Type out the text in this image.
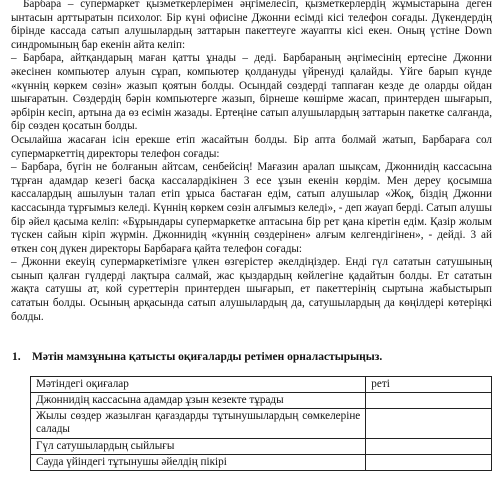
Барбара – супермаркет қызметкерлерімен әңгімелесіп, қызметкерлердің жұмыстарына деген ынтасын арттыратын психолог. Бір күні офисіне Джонни есімді кісі телефон соғады. Дүкендердің бірінде кассада сатып алушылардың заттарын пакеттеуге жауапты кісі екен. Оның үстіне Down синдромының бар екенін айта келіп:

– Барбара, айтқандарың маған қатты ұнады – деді. Барбараның әңгімесінің ертесіне Джонни әкесінен компьютер алуын сұрап, компьютер қолдануды үйренуді қалайды. Үйге барып күнде «күннің көркем сөзін» жазып қоятын болды. Осындай сөздерді таппаған кезде де оларды ойдан шығаратын. Сөздердің бәрін компьютерге жазып, бірнеше көшірме жасап, принтерден шығарып, әрбірін кесіп, артына да өз есімін жазады. Ертеңіне сатып алушылардың заттарын пакетке салғанда, бір сөзден қосатын болды.

Осылайша жасаған ісін ерекше етіп жасайтын болды. Бір апта болмай жатып, Барбараға сол супермаркеттің директоры телефон соғады:

– Барбара, бүгін не болғанын айтсам, сенбейсің! Мағазин аралап шықсам, Джоннидің кассасына тұрған адамдар кезегі басқа кассалардікінен 3 есе ұзын екенін көрдім. Мен дереу қосымша кассалардың ашылуын талап етіп ұрыса бастаған едім, сатып алушылар «Жоқ, біздің Джонни кассасында тұрғымыз келеді. Күннің көркем сөзін алғымыз келеді», - деп жауап берді. Сатып алушы бір әйел қасыма келіп: «Бұрындары супермаркетке аптасына бір рет қана кіретін едім. Қазір жолым түскен сайын кіріп жүрмін. Джоннидің «күннің сөздерінен» алғым келгендігінен», - дейді. 3 ай өткен соң дүкен директоры Барбараға қайта телефон соғады:

– Джонни екеуің супермаркетімізге үлкен өзгерістер әкелдіңіздер. Енді гүл сататын сатушының сынып қалған гүлдерді лақтыра салмай, жас қыздардың көйлегіне қадайтын болды. Ет сататын жақта сатушы ат, кой суреттерін принтерден шығарып, ет пакеттерінің сыртына жабыстырып сататын болды. Осының арқасында сатып алушылардың да, сатушылардың да көңілдері көтеріңкі болды.

1. Мәтін мамзұнына қатысты оқиғаларды ретімен орналастырыңыз.
Мәтіндегі оқиғалар	реті
Джоннидің кассасына адамдар ұзын кезекте тұрады	
Жылы сөздер жазылған қағаздарды тұтынушылардың сөмкелеріне салады	
Гүл сатушылардың сыйлығы	
Сауда үйіндегі тұтынушы әйелдің пікірі	
